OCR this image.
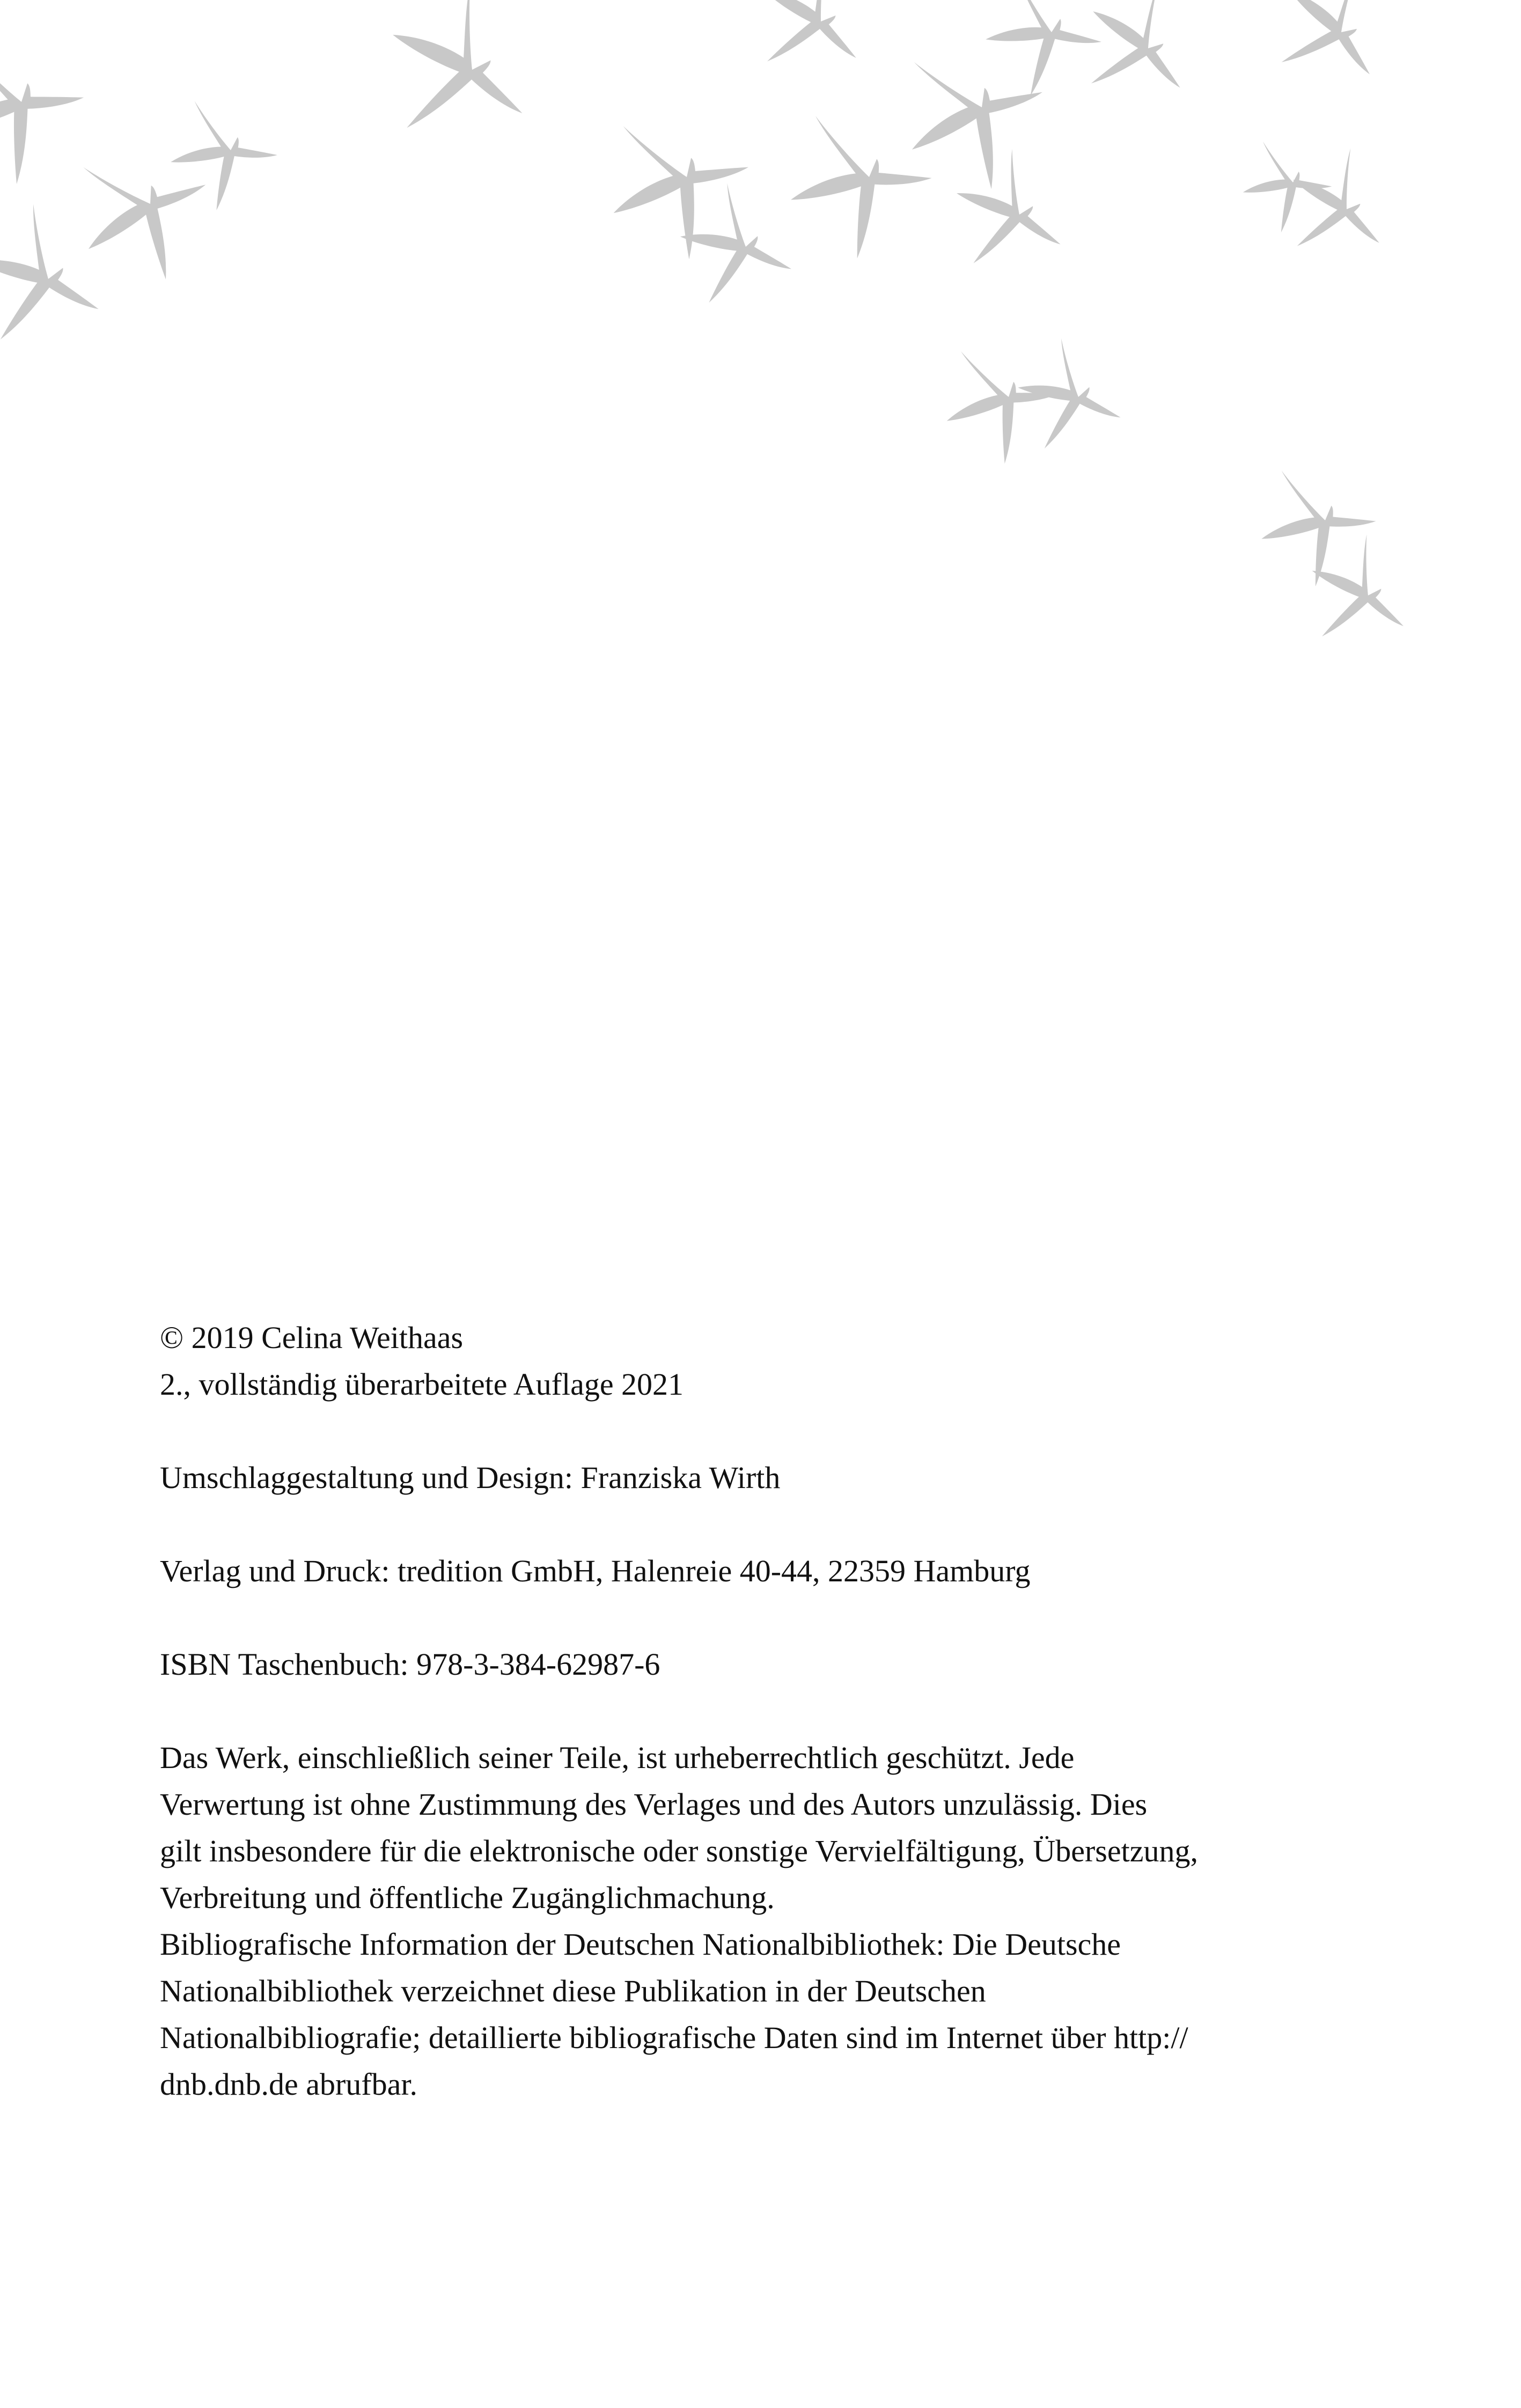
© 2019 Celina Weithaas

2., vollständig überarbeitete Auflage 2021

Umschlaggestaltung und Design: Franziska Wirth

Verlag und Druck: tredition GmbH, Halenreie 40-44, 22359 Hamburg

ISBN Taschenbuch: 978-3-384-62987-6

Das Werk, einschließlich seiner Teile, ist urheberrechtlich geschützt. Jede

Verwertung ist ohne Zustimmung des Verlages und des Autors unzulässig. Dies

gilt insbesondere für die elektronische oder sonstige Vervielfältigung, Übersetzung,

Verbreitung und öffentliche Zugänglichmachung.

Bibliografische Information der Deutschen Nationalbibliothek: Die Deutsche

Nationalbibliothek verzeichnet diese Publikation in der Deutschen

Nationalbibliografie; detaillierte bibliografische Daten sind im Internet über http://

dnb.dnb.de abrufbar.
